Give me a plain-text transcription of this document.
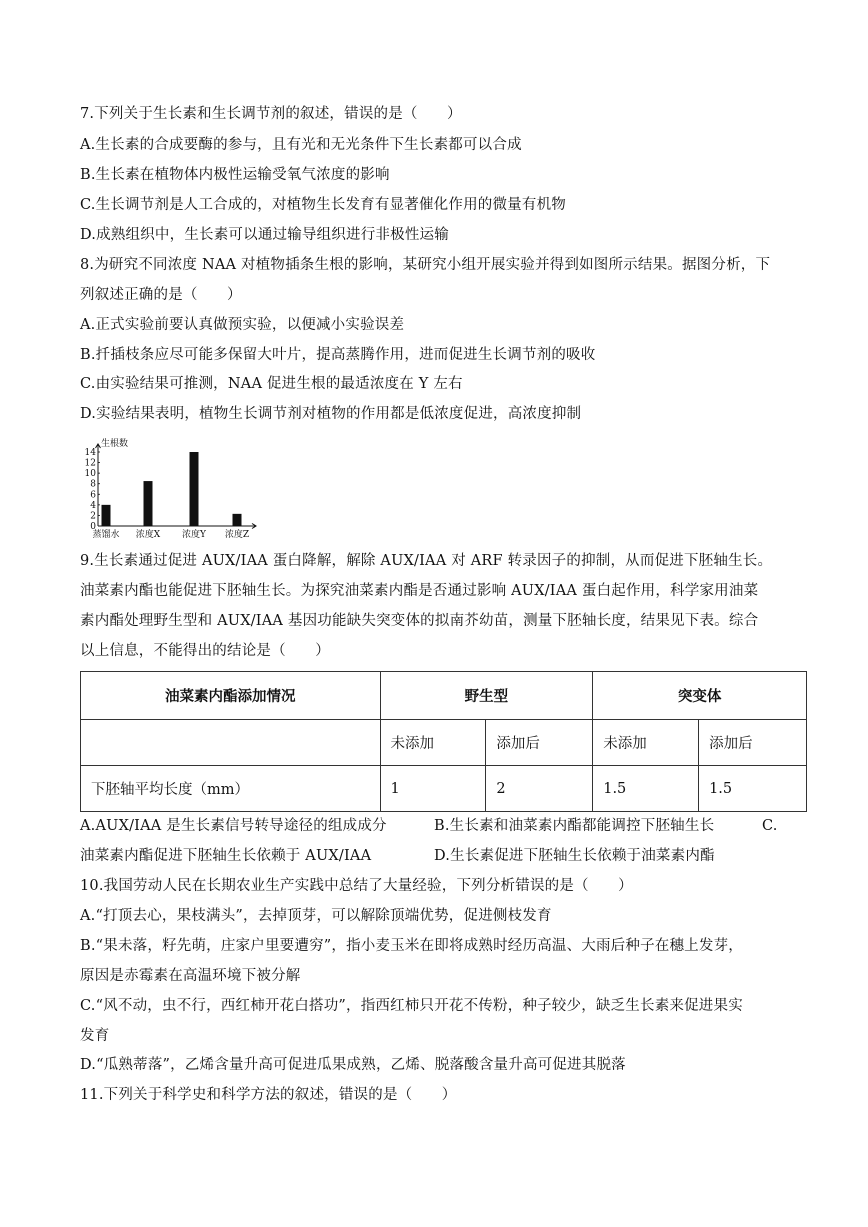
7.下列关于生长素和生长调节剂的叙述，错误的是（　　）
A.生长素的合成要酶的参与，且有光和无光条件下生长素都可以合成
B.生长素在植物体内极性运输受氧气浓度的影响
C.生长调节剂是人工合成的，对植物生长发育有显著催化作用的微量有机物
D.成熟组织中，生长素可以通过输导组织进行非极性运输
8.为研究不同浓度 NAA 对植物插条生根的影响，某研究小组开展实验并得到如图所示结果。据图分析，下
列叙述正确的是（　　）
A.正式实验前要认真做预实验，以便减小实验误差
B.扦插枝条应尽可能多保留大叶片，提高蒸腾作用，进而促进生长调节剂的吸收
C.由实验结果可推测，NAA 促进生根的最适浓度在 Y 左右
D.实验结果表明，植物生长调节剂对植物的作用都是低浓度促进，高浓度抑制
0
2
4
6
8
10
12
14
生根数
蒸馏水 浓度X 浓度Y 浓度Z
9.生长素通过促进 AUX/IAA 蛋白降解，解除 AUX/IAA 对 ARF 转录因子的抑制，从而促进下胚轴生长。
油菜素内酯也能促进下胚轴生长。为探究油菜素内酯是否通过影响 AUX/IAA 蛋白起作用，科学家用油菜
素内酯处理野生型和 AUX/IAA 基因功能缺失突变体的拟南芥幼苗，测量下胚轴长度，结果见下表。综合
以上信息，不能得出的结论是（　　）
油菜素内酯添加情况	野生型		突变体	
	未添加	添加后	未添加	添加后
下胚轴平均长度（mm）	1	2	1.5	1.5
A.AUX/IAA 是生长素信号转导途径的组成成分	B.生长素和油菜素内酯都能调控下胚轴生长	C.
油菜素内酯促进下胚轴生长依赖于 AUX/IAA	D.生长素促进下胚轴生长依赖于油菜素内酯
10.我国劳动人民在长期农业生产实践中总结了大量经验，下列分析错误的是（　　）
A.“打顶去心，果枝满头”，去掉顶芽，可以解除顶端优势，促进侧枝发育
B.“果未落，籽先萌，庄家户里要遭穷”，指小麦玉米在即将成熟时经历高温、大雨后种子在穗上发芽，
原因是赤霉素在高温环境下被分解
C.“风不动，虫不行，西红柿开花白搭功”，指西红柿只开花不传粉，种子较少，缺乏生长素来促进果实
发育
D.“瓜熟蒂落”，乙烯含量升高可促进瓜果成熟，乙烯、脱落酸含量升高可促进其脱落
11.下列关于科学史和科学方法的叙述，错误的是（　　）
